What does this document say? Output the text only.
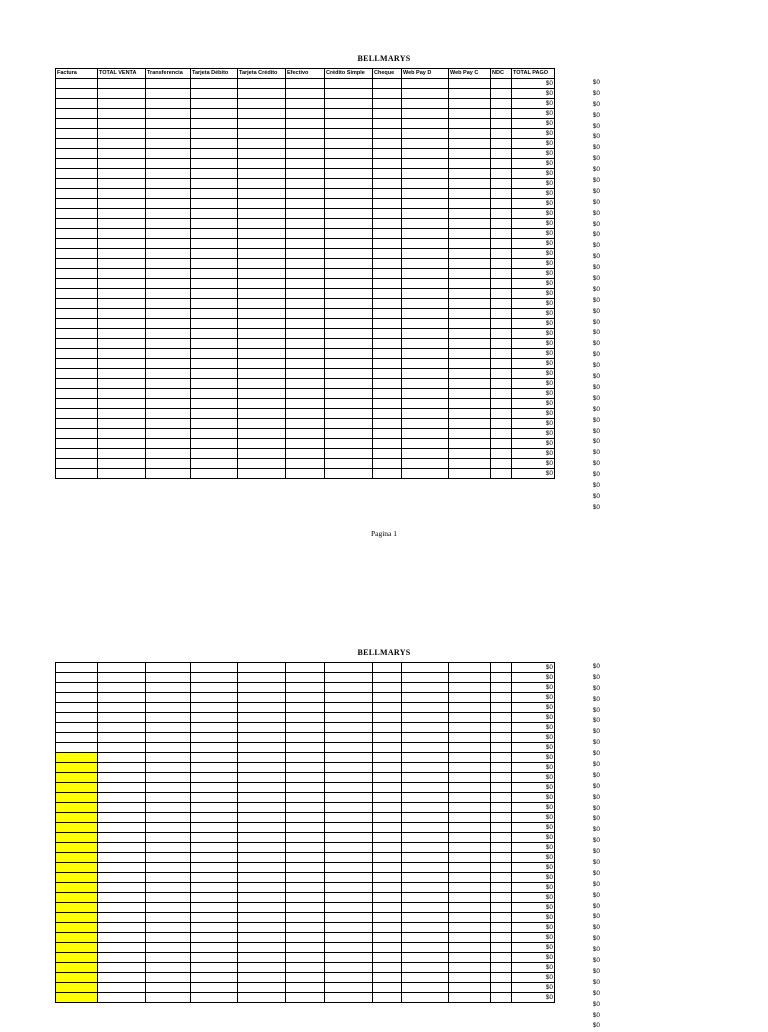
BELLMARYS
Factura	TOTAL VENTA	Transferencia	Tarjeta Débito	Tarjeta Crédito	Efectivo	Crédito Simple	Cheque	Web Pay D	Web Pay C	NDC	TOTAL PAGO
											$0
											$0
											$0
											$0
											$0
											$0
											$0
											$0
											$0
											$0
											$0
											$0
											$0
											$0
											$0
											$0
											$0
											$0
											$0
											$0
											$0
											$0
											$0
											$0
											$0
											$0
											$0
											$0
											$0
											$0
											$0
											$0
											$0
											$0
											$0
											$0
											$0
											$0
											$0
											$0
$0
$0
$0
$0
$0
$0
$0
$0
$0
$0
$0
$0
$0
$0
$0
$0
$0
$0
$0
$0
$0
$0
$0
$0
$0
$0
$0
$0
$0
$0
$0
$0
$0
$0
$0
$0
$0
$0
$0
$0
Pagina 1
BELLMARYS
											$0
											$0
											$0
											$0
											$0
											$0
											$0
											$0
											$0
											$0
											$0
											$0
											$0
											$0
											$0
											$0
											$0
											$0
											$0
											$0
											$0
											$0
											$0
											$0
											$0
											$0
											$0
											$0
											$0
											$0
											$0
											$0
											$0
											$0
$0
$0
$0
$0
$0
$0
$0
$0
$0
$0
$0
$0
$0
$0
$0
$0
$0
$0
$0
$0
$0
$0
$0
$0
$0
$0
$0
$0
$0
$0
$0
$0
$0
$0
